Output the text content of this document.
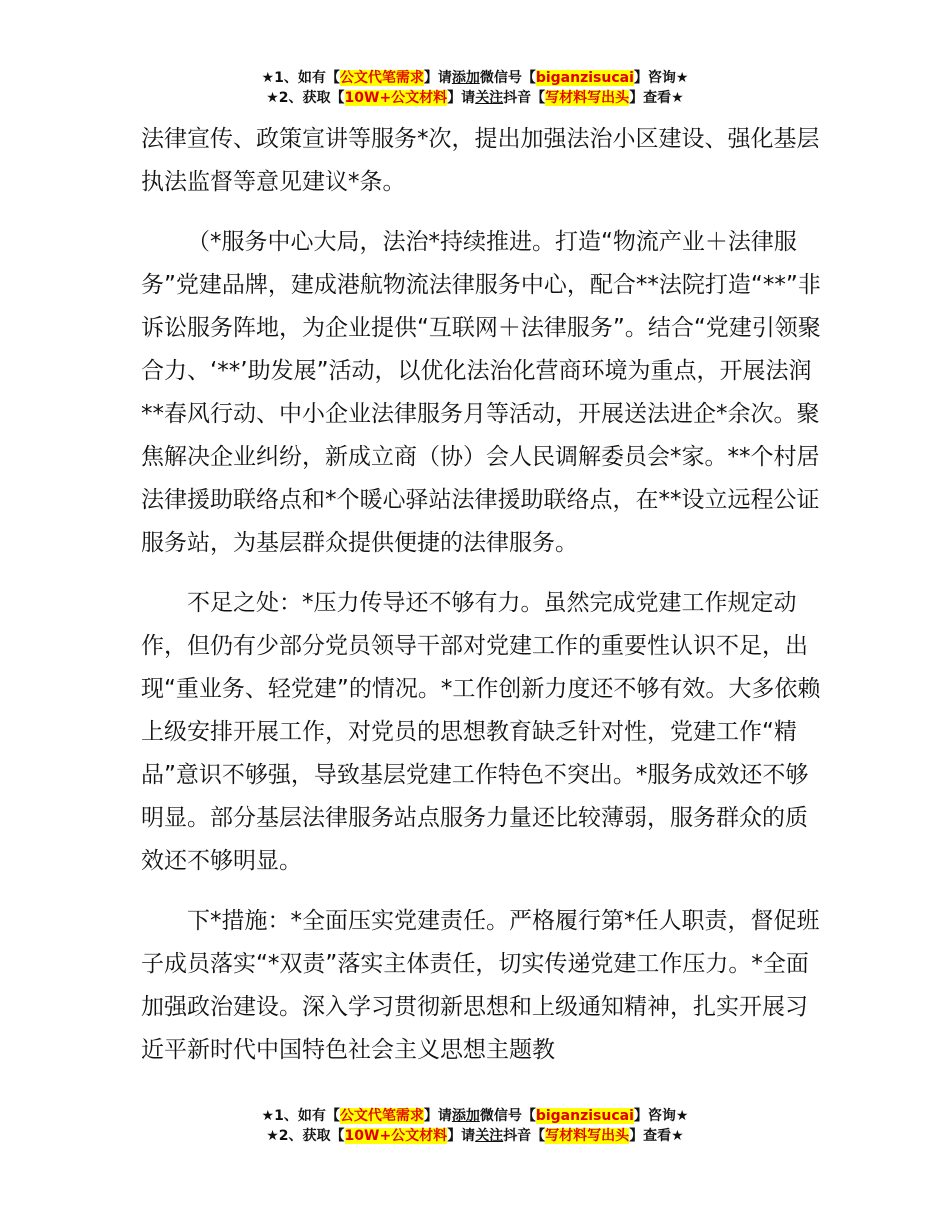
★1、如有【公文代笔需求】请添加微信号【biganzisucai】咨询★
★2、获取【10W+公文材料】请关注抖音【写材料写出头】查看★

法律宣传、政策宣讲等服务*次，提出加强法治小区建设、强化基层执法监督等意见建议*条。

（*服务中心大局，法治*持续推进。打造“物流产业＋法律服务”党建品牌，建成港航物流法律服务中心，配合**法院打造“**”非诉讼服务阵地，为企业提供“互联网＋法律服务”。结合“党建引领聚合力、‘**’助发展”活动，以优化法治化营商环境为重点，开展法润**春风行动、中小企业法律服务月等活动，开展送法进企*余次。聚焦解决企业纠纷，新成立商（协）会人民调解委员会*家。**个村居法律援助联络点和*个暖心驿站法律援助联络点，在**设立远程公证服务站，为基层群众提供便捷的法律服务。

不足之处：*压力传导还不够有力。虽然完成党建工作规定动作，但仍有少部分党员领导干部对党建工作的重要性认识不足，出现“重业务、轻党建”的情况。*工作创新力度还不够有效。大多依赖上级安排开展工作，对党员的思想教育缺乏针对性，党建工作“精品”意识不够强，导致基层党建工作特色不突出。*服务成效还不够明显。部分基层法律服务站点服务力量还比较薄弱，服务群众的质效还不够明显。

下*措施：*全面压实党建责任。严格履行第*任人职责，督促班子成员落实“*双责”落实主体责任，切实传递党建工作压力。*全面加强政治建设。深入学习贯彻新思想和上级通知精神，扎实开展习近平新时代中国特色社会主义思想主题教

★1、如有【公文代笔需求】请添加微信号【biganzisucai】咨询★
★2、获取【10W+公文材料】请关注抖音【写材料写出头】查看★
